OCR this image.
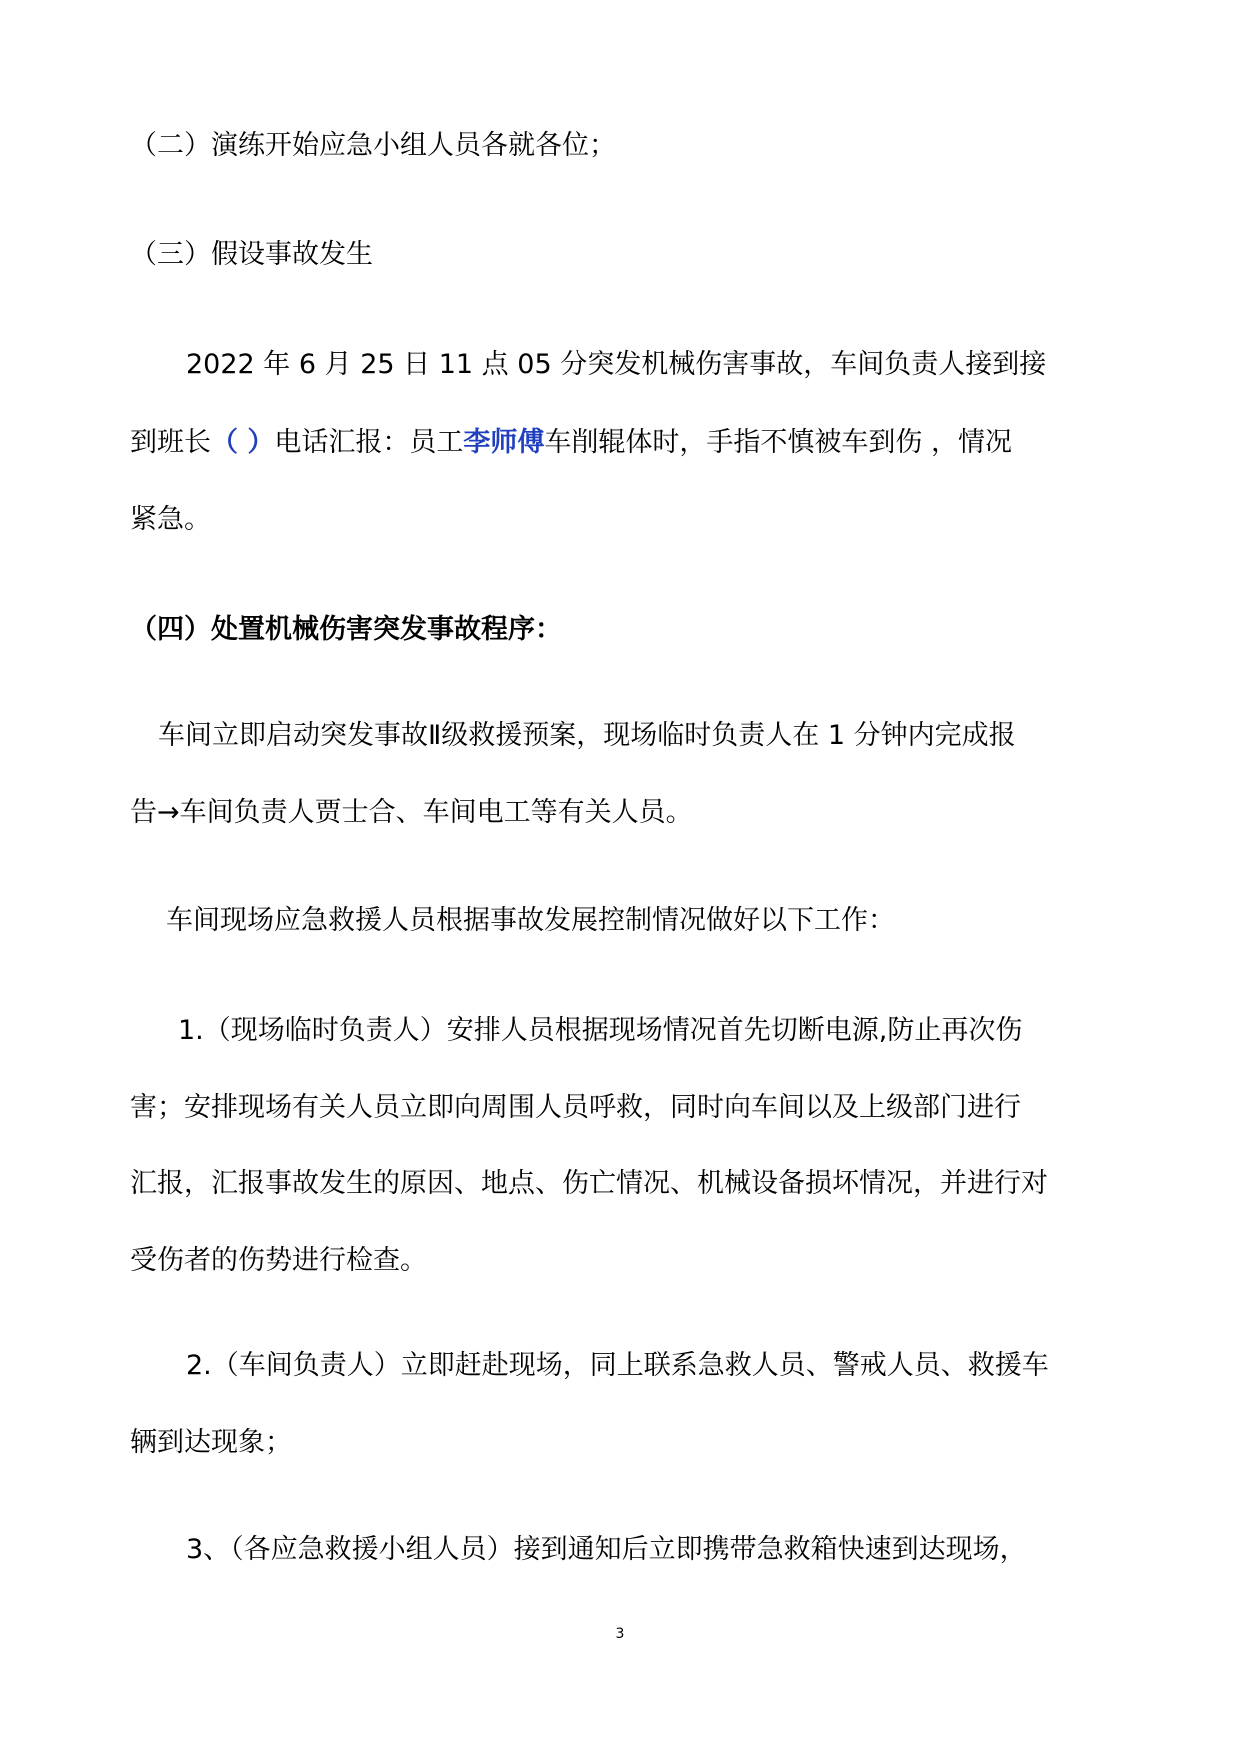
（二）演练开始应急小组人员各就各位；
（三）假设事故发生
2022 年 6 月 25 日 11 点 05 分突发机械伤害事故，车间负责人接到接
到班长（ ）电话汇报：员工李师傅车削辊体时，手指不慎被车到伤 ，情况
紧急。
（四）处置机械伤害突发事故程序：
车间立即启动突发事故Ⅱ级救援预案，现场临时负责人在 1 分钟内完成报
告→车间负责人贾士合、车间电工等有关人员。
车间现场应急救援人员根据事故发展控制情况做好以下工作：
1.（现场临时负责人）安排人员根据现场情况首先切断电源,防止再次伤
害；安排现场有关人员立即向周围人员呼救，同时向车间以及上级部门进行
汇报，汇报事故发生的原因、地点、伤亡情况、机械设备损坏情况，并进行对
受伤者的伤势进行检查。
2.（车间负责人）立即赶赴现场，同上联系急救人员、警戒人员、救援车
辆到达现象；
3、（各应急救援小组人员）接到通知后立即携带急救箱快速到达现场，
3
